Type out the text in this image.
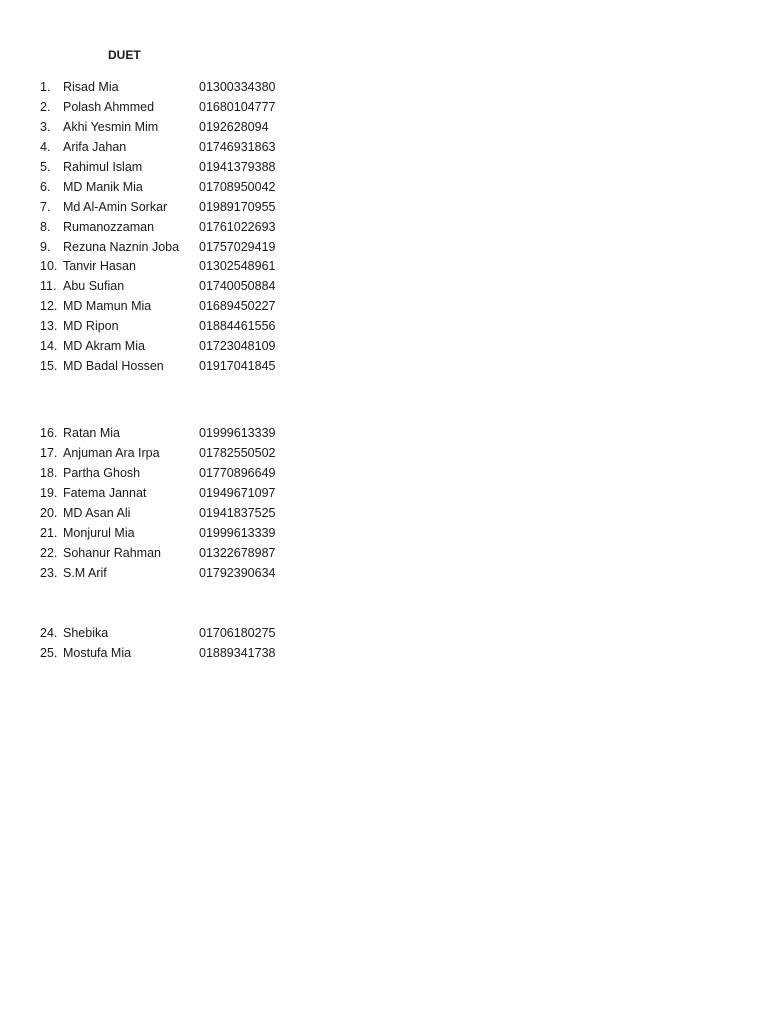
DUET
1.	Risad Mia	01300334380
2.	Polash Ahmmed	01680104777
3.	Akhi Yesmin Mim	0192628094
4.	Arifa Jahan	01746931863
5.	Rahimul Islam	01941379388
6.	MD Manik Mia	01708950042
7.	Md Al-Amin Sorkar	01989170955
8.	Rumanozzaman	01761022693
9.	Rezuna Naznin Joba 01757029419
10. Tanvir Hasan	01302548961
11. Abu Sufian	01740050884
12. MD Mamun Mia	01689450227
13. MD Ripon	01884461556
14. MD Akram Mia	01723048109
15. MD Badal Hossen	01917041845
16. Ratan Mia	01999613339
17. Anjuman Ara Irpa	01782550502
18. Partha Ghosh	01770896649
19. Fatema Jannat	01949671097
20. MD Asan Ali	01941837525
21. Monjurul Mia	01999613339
22. Sohanur Rahman	01322678987
23. S.M Arif	01792390634
24. Shebika	01706180275
25. Mostufa Mia	01889341738
